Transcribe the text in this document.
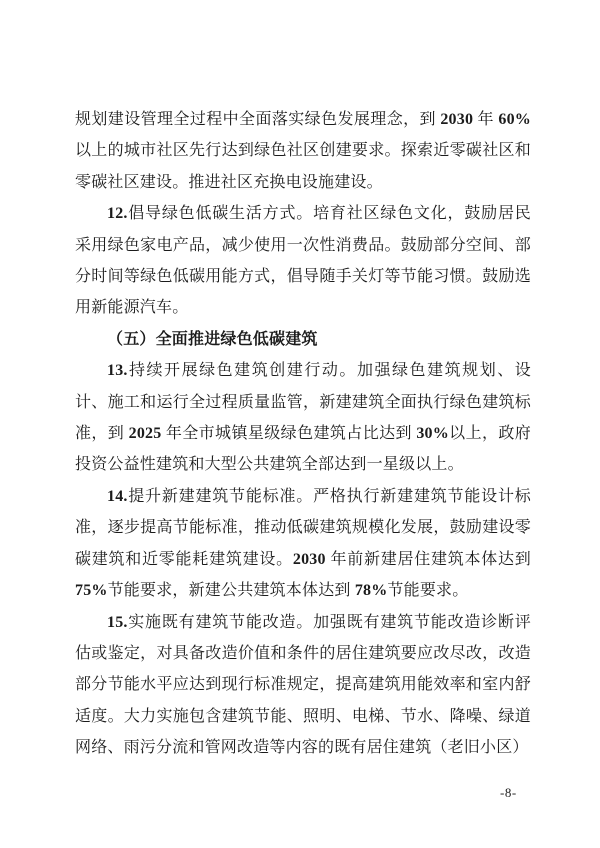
规划建设管理全过程中全面落实绿色发展理念，到 2030 年 60%以上的城市社区先行达到绿色社区创建要求。探索近零碳社区和零碳社区建设。推进社区充换电设施建设。

12.倡导绿色低碳生活方式。培育社区绿色文化，鼓励居民采用绿色家电产品，减少使用一次性消费品。鼓励部分空间、部分时间等绿色低碳用能方式，倡导随手关灯等节能习惯。鼓励选用新能源汽车。

（五）全面推进绿色低碳建筑

13.持续开展绿色建筑创建行动。加强绿色建筑规划、设计、施工和运行全过程质量监管，新建建筑全面执行绿色建筑标准，到 2025 年全市城镇星级绿色建筑占比达到 30%以上，政府投资公益性建筑和大型公共建筑全部达到一星级以上。

14.提升新建建筑节能标准。严格执行新建建筑节能设计标准，逐步提高节能标准，推动低碳建筑规模化发展，鼓励建设零碳建筑和近零能耗建筑建设。2030 年前新建居住建筑本体达到 75%节能要求，新建公共建筑本体达到 78%节能要求。

15.实施既有建筑节能改造。加强既有建筑节能改造诊断评估或鉴定，对具备改造价值和条件的居住建筑要应改尽改，改造部分节能水平应达到现行标准规定，提高建筑用能效率和室内舒适度。大力实施包含建筑节能、照明、电梯、节水、降噪、绿道网络、雨污分流和管网改造等内容的既有居住建筑（老旧小区）

-8-
